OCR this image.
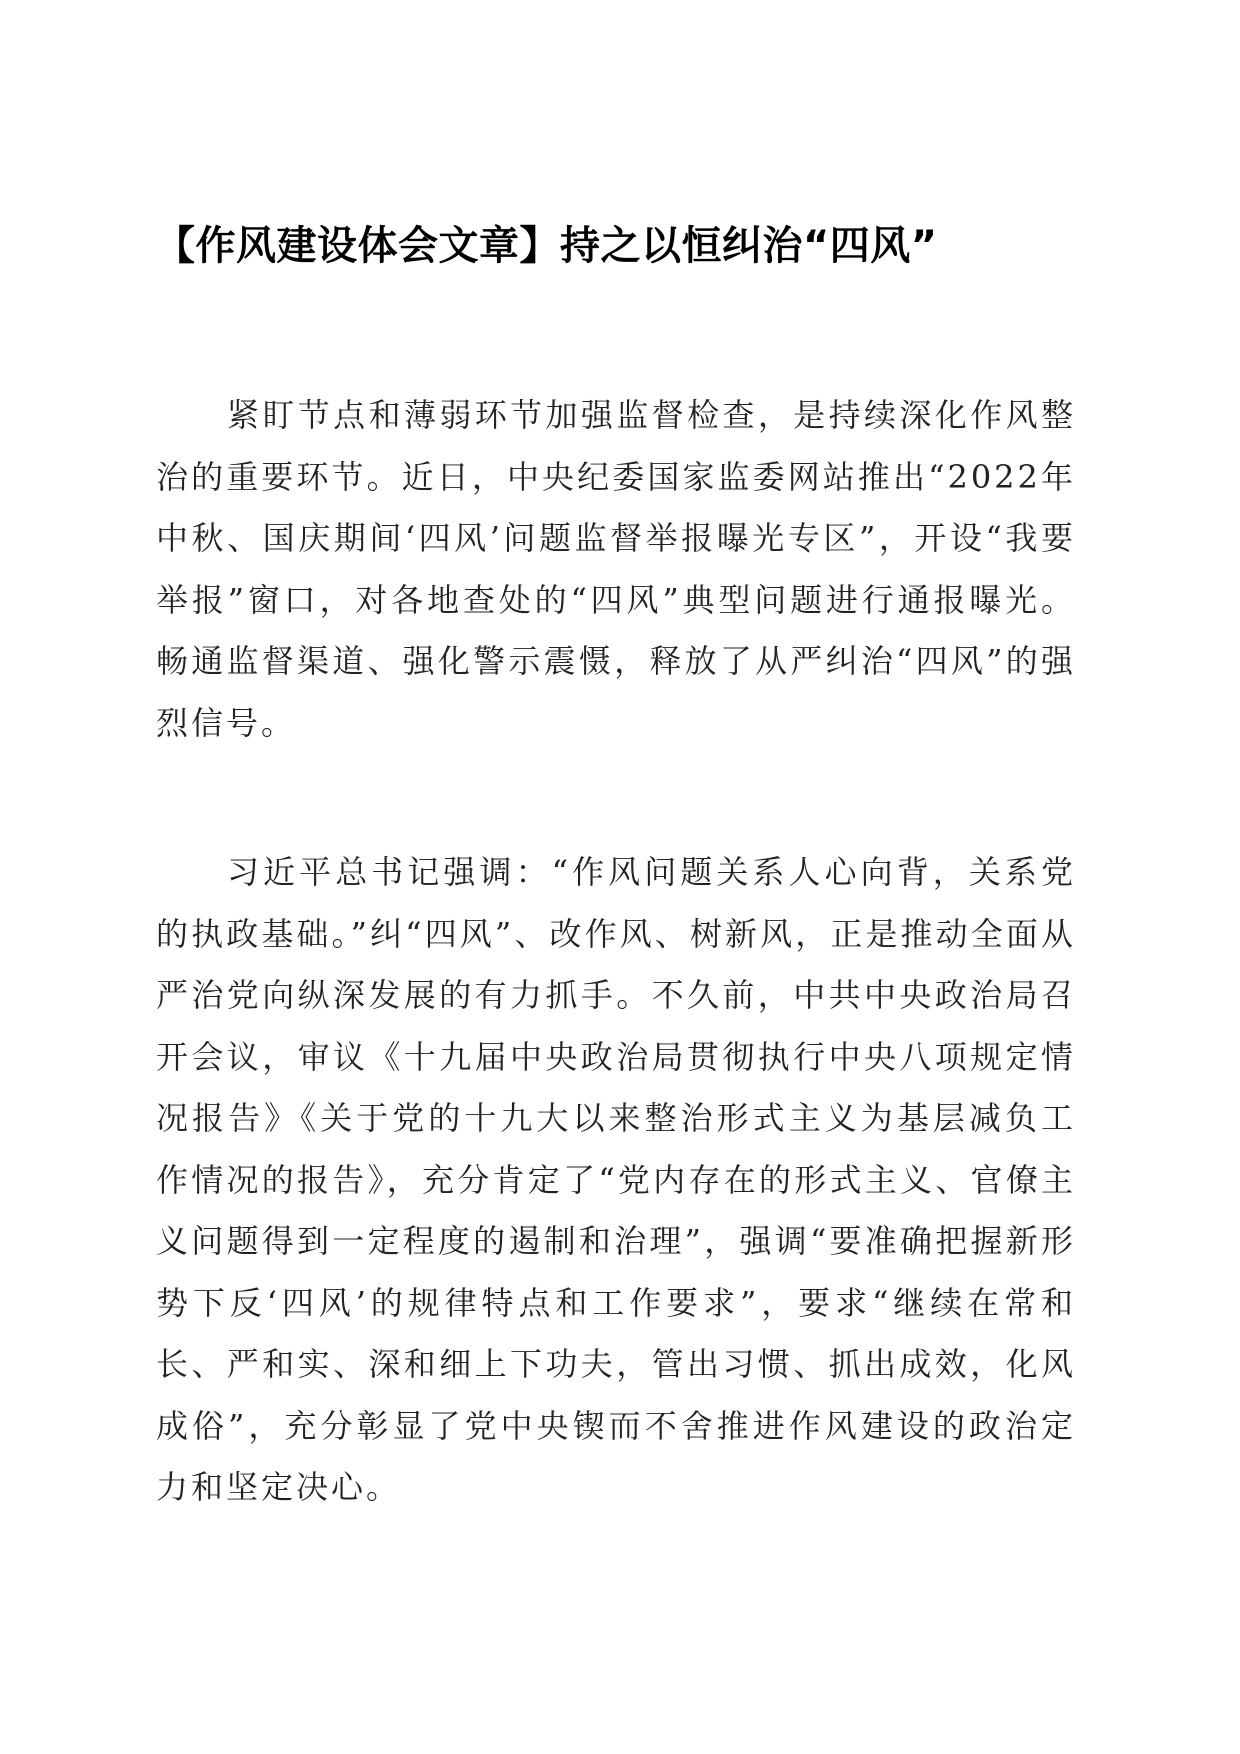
【作风建设体会文章】持之以恒纠治“四风”

紧盯节点和薄弱环节加强监督检查，是持续深化作风整治的重要环节。近日，中央纪委国家监委网站推出“2022年中秋、国庆期间‘四风’问题监督举报曝光专区”，开设“我要举报”窗口，对各地查处的“四风”典型问题进行通报曝光。畅通监督渠道、强化警示震慑，释放了从严纠治“四风”的强烈信号。

习近平总书记强调：“作风问题关系人心向背，关系党的执政基础。”纠“四风”、改作风、树新风，正是推动全面从严治党向纵深发展的有力抓手。不久前，中共中央政治局召开会议，审议《十九届中央政治局贯彻执行中央八项规定情况报告》《关于党的十九大以来整治形式主义为基层减负工作情况的报告》，充分肯定了“党内存在的形式主义、官僚主义问题得到一定程度的遏制和治理”，强调“要准确把握新形势下反‘四风’的规律特点和工作要求”，要求“继续在常和长、严和实、深和细上下功夫，管出习惯、抓出成效，化风成俗”，充分彰显了党中央锲而不舍推进作风建设的政治定力和坚定决心。
